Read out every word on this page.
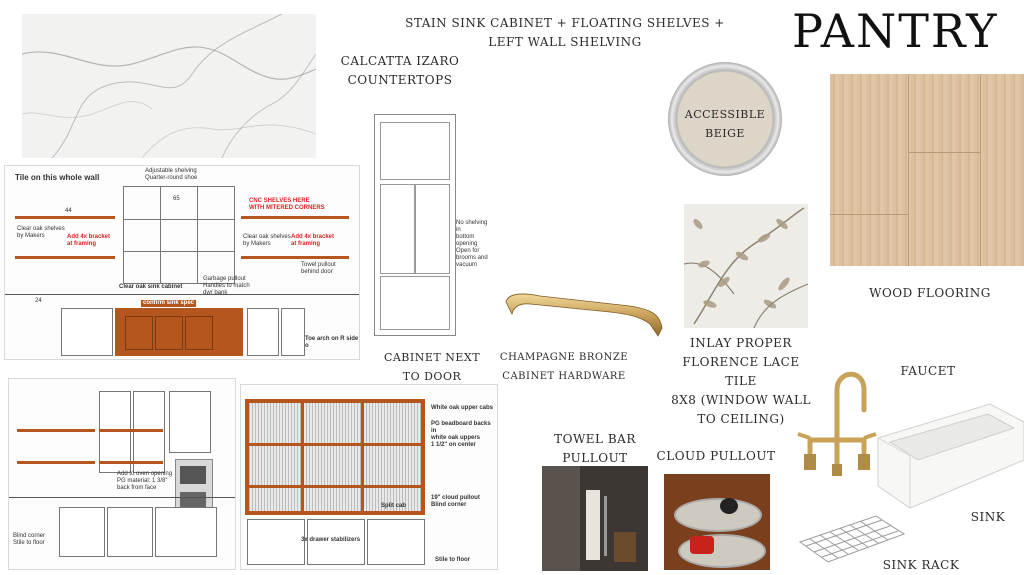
PANTRY
STAIN SINK CABINET + FLOATING SHELVES +
LEFT WALL SHELVING
CALCATTA IZARO
COUNTERTOPS
ACCESSIBLE
BEIGE
WOOD FLOORING
Tile on this whole wall
Adjustable shelving
Quarter-round shoe
44
Clear oak shelves
by Makers	Add 4x bracket
at framing
65	CNC SHELVES HERE
WITH MITERED CORNERS
Clear oak shelves
by Makers
Add 4x bracket
at framing
Clear oak sink cabinet
Garbage pullout
Handles to match
dwr bank
Towel pullout
behind door
24	confirm sink spec
Toe arch on R side o
No shelving in
bottom opening
Open for
brooms and vacuum
CABINET NEXT
TO DOOR
CHAMPAGNE BRONZE
CABINET HARDWARE
INLAY PROPER
FLORENCE LACE TILE
8X8 (WINDOW WALL
TO CEILING)
FAUCET
SINK
SINK RACK
Add to oven opening
PG material: 1 3/8"
back from face
Blind corner
Stile to floor
White oak upper cabs
PG beadboard backs in
white oak uppers
1 1/2" on center
Split cab
19" cloud pullout
Blind corner
3x drawer stabilizers
Stile to floor
TOWEL BAR PULLOUT	CLOUD PULLOUT
